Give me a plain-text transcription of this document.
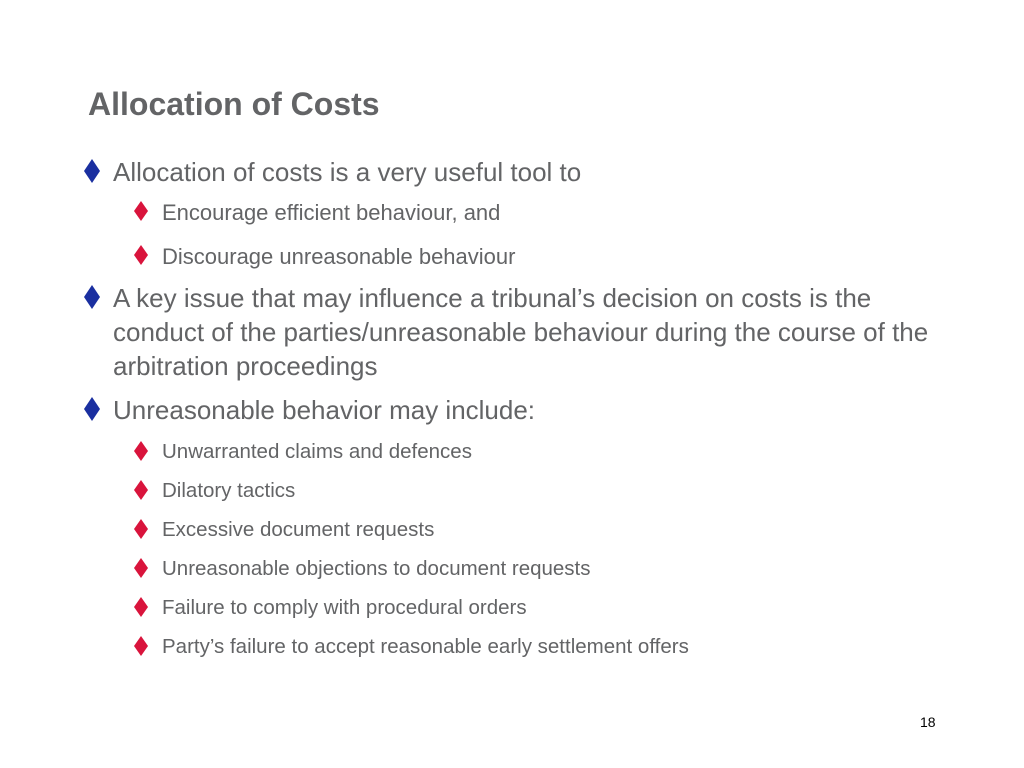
Allocation of Costs
Allocation of costs is a very useful tool to
Encourage efficient behaviour, and
Discourage unreasonable behaviour
A key issue that may influence a tribunal’s decision on costs is the conduct of the parties/unreasonable behaviour during the course of the arbitration proceedings
Unreasonable behavior may include:
Unwarranted claims and defences
Dilatory tactics
Excessive document requests
Unreasonable objections to document requests
Failure to comply with procedural orders
Party’s failure to accept reasonable early settlement offers
18
